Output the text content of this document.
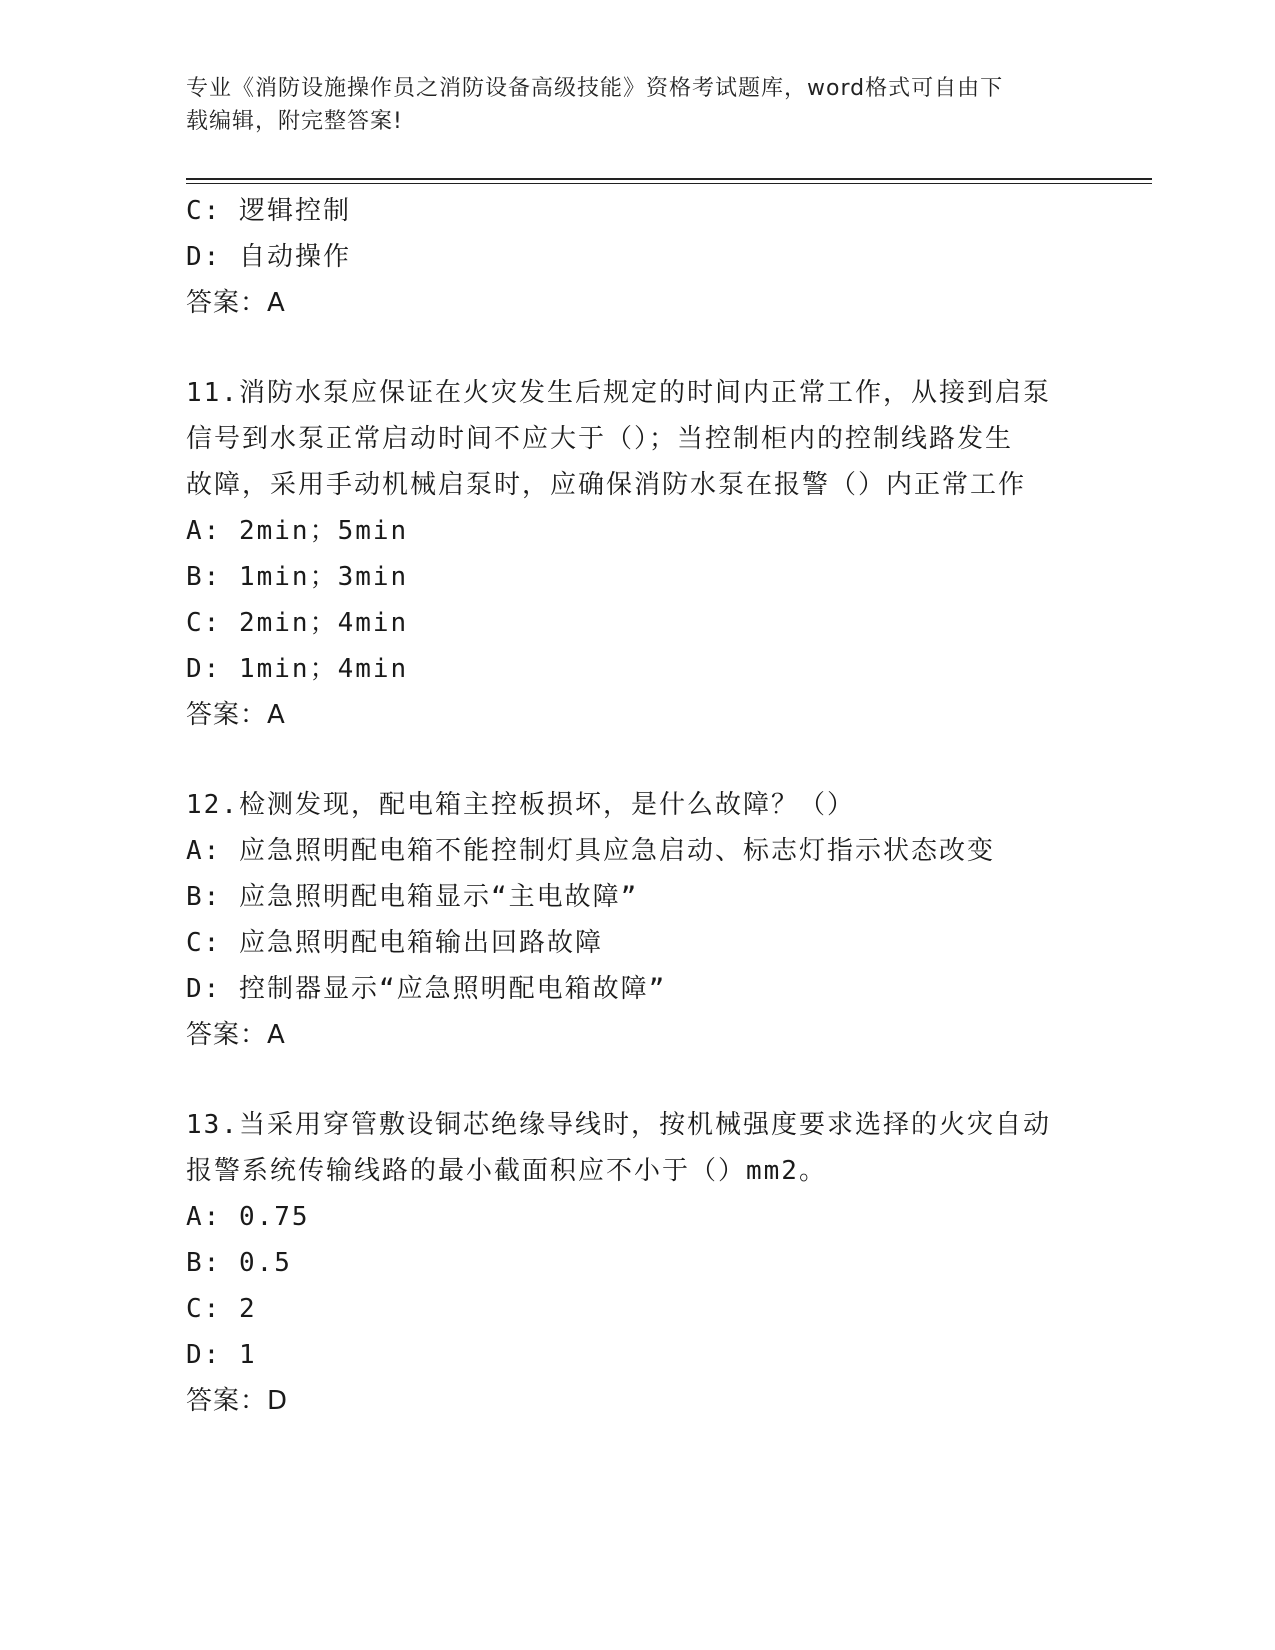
专业《消防设施操作员之消防设备高级技能》资格考试题库，word格式可自由下
载编辑，附完整答案!
C: 逻辑控制
D: 自动操作
答案：A
11.消防水泵应保证在火灾发生后规定的时间内正常工作，从接到启泵
信号到水泵正常启动时间不应大于（）；当控制柜内的控制线路发生
故障，采用手动机械启泵时，应确保消防水泵在报警（）内正常工作
A: 2min；5min
B: 1min；3min
C: 2min；4min
D: 1min；4min
答案：A
12.检测发现，配电箱主控板损坏，是什么故障？（）
A: 应急照明配电箱不能控制灯具应急启动、标志灯指示状态改变
B: 应急照明配电箱显示“主电故障”
C: 应急照明配电箱输出回路故障
D: 控制器显示“应急照明配电箱故障”
答案：A
13.当采用穿管敷设铜芯绝缘导线时，按机械强度要求选择的火灾自动
报警系统传输线路的最小截面积应不小于（）mm2。
A: 0.75
B: 0.5
C: 2
D: 1
答案：D
